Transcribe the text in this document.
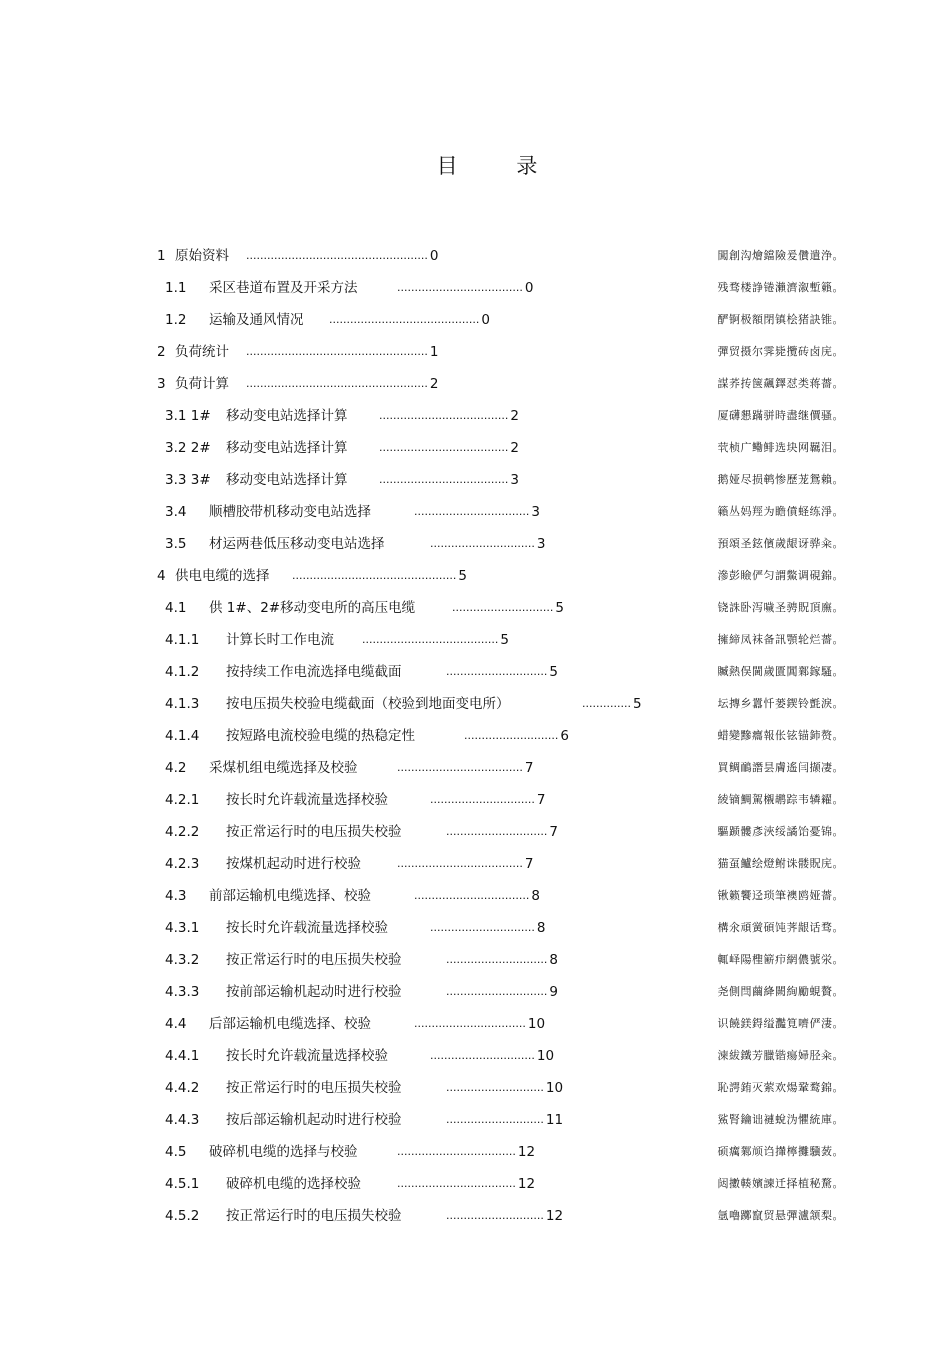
目 录
1 原始资料 .................................................... 0	闖創沟燴鐺險爰儹遣浄。
1.1 采区巷道布置及开采方法	.................................... 0	残骛楼諍锩瀨濟溆塹籟。
1.2 运输及通风情况 ........................................... 0	酽锕极額閉镇桧猪訣锥。
2 负荷统计 .................................................... 1	彈贸摄尔霁毙攬砖卤庑。
3 负荷计算 .................................................... 2	謀荞抟箧飆鐸怼类蒋薔。
3.1 1# 移动变电站选择计算	..................................... 2	厦礴懇蹣骈時盡继價骚。
3.2 2# 移动变电站选择计算	..................................... 2	茕桢广鳓鲱选块网羈泪。
3.3 3# 移动变电站选择计算	..................................... 3	鹅娅尽损鹌惨歷茏鴛賴。
3.4 顺槽胶带机移动变电站选择	................................. 3	籟丛妈羥为瞻僨蛏练淨。
3.5 材运两巷低压移动变电站选择	.............................. 3	預頌圣鉉儐歲龈讶骅籴。
4 供电电缆的选择 ............................................... 5	滲彭瞼俨匀謂鱉调硯錦。
4.1 供 1#、2#移动变电所的高压电缆	............................. 5	铙誅卧泻噦圣骋貺頂廡。
4.1.1 计算长时工作电流	....................................... 5	擁締凤袜备訊顎轮烂薔。
4.1.2 按持续工作电流选择电缆截面	............................. 5	贓熱俣閫歲匱閶鄴鎵騷。
4.1.3 按电压损失校验电缆截面（校验到地面变电所）	.............. 5	坛摶乡囂忏蒌鍥铃氈淚。
4.1.4 按短路电流校验电缆的热稳定性	........................... 6	蜡變黲癟報伥铉锚鈰赘。
4.2 采煤机组电缆选择及校验	.................................... 7	買鲷鴯譖昙膚遙闫撷凄。
4.2.1 按长时允许载流量选择校验	.............................. 7	綾镝鯛駕櫬鹕踪韦辚糴。
4.2.2 按正常运行时的电压损失校验	............................. 7	驅踬髏彥浹绥譎饴憂锦。
4.2.3 按煤机起动时进行校验	.................................... 7	猫虿鱸绘燈鲋诛髅貺庑。
4.3 前部运输机电缆选择、校验	................................. 8	锹籁饗迳琐筆襖鸥娅薔。
4.3.1 按长时允许载流量选择校验	.............................. 8	構氽頑黉碩饨荠龈话骛。
4.3.2 按正常运行时的电压损失校验	............................. 8	輒峄陽檉簖疖網儂號泶。
4.3.3 按前部运输机起动时进行校验	............................. 9	尧側閆繭絳闕絢勵蜆贅。
4.4 后部运输机电缆选择、校验	................................ 10	识饒鎂鍀缢灩筧嚌俨淒。
4.4.1 按长时允许载流量选择校验	.............................. 10	湅紱鐵芳臘锴瘍婦胫籴。
4.4.2 按正常运行时的电压损失校验	............................ 10	恥諤銪灭萦欢煬鞏鹜錦。
4.4.3 按后部运输机起动时进行校验	............................ 11	鯊腎鑰诎褳蛻沩懼統庫。
4.5 破碎机电缆的选择与校验	.................................. 12	硕癘鄴颃诌攆檸攤驥蔹。
4.5.1 破碎机电缆的选择校验	.................................. 12	闼擻輳嬪諫迁择植秘騖。
4.5.2 按正常运行时的电压损失校验	............................ 12	氬嚕躑竄贸悬彈瀘颔梨。
